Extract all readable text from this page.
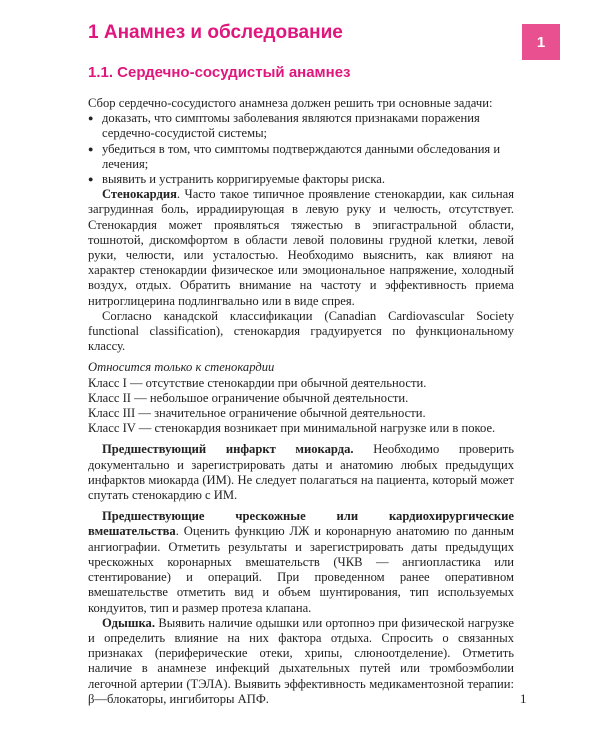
1 Анамнез и обследование	1
1.1. Сердечно-сосудистый анамнез

Сбор сердечно-сосудистого анамнеза должен решить три основные задачи:

● доказать, что симптомы заболевания являются признаками поражения сердечно-сосудистой системы;
● убедиться в том, что симптомы подтверждаются данными обследования и лечения;
● выявить и устранить корригируемые факторы риска.

Стенокардия. Часто такое типичное проявление стенокардии, как сильная загрудинная боль, иррадиирующая в левую руку и челюсть, отсутствует. Стенокардия может проявляться тяжестью в эпигастральной области, тошнотой, дискомфортом в области левой половины грудной клетки, левой руки, челюсти, или усталостью. Необходимо выяснить, как влияют на характер стенокардии физическое или эмоциональное напряжение, холодный воздух, отдых. Обратить внимание на частоту и эффективность приема нитроглицерина подлингвально или в виде спрея.

Согласно канадской классификации (Canadian Cardiovascular Society functional classification), стенокардия градуируется по функциональному классу.

Относится только к стенокардии

Класс I — отсутствие стенокардии при обычной деятельности.

Класс II — небольшое ограничение обычной деятельности.

Класс III — значительное ограничение обычной деятельности.

Класс IV — стенокардия возникает при минимальной нагрузке или в покое.

Предшествующий инфаркт миокарда. Необходимо проверить документально и зарегистрировать даты и анатомию любых предыдущих инфарктов миокарда (ИМ). Не следует полагаться на пациента, который может спутать стенокардию с ИМ.

Предшествующие чрескожные или кардиохирургические вмешательства. Оценить функцию ЛЖ и коронарную анатомию по данным ангиографии. Отметить результаты и зарегистрировать даты предыдущих чрескожных коронарных вмешательств (ЧКВ — ангиопластика или стентирование) и операций. При проведенном ранее оперативном вмешательстве отметить вид и объем шунтирования, тип используемых кондуитов, тип и размер протеза клапана.

Одышка. Выявить наличие одышки или ортопноэ при физической нагрузке и определить влияние на них фактора отдыха. Спросить о связанных признаках (периферические отеки, хрипы, слюноотделение). Отметить наличие в анамнезе инфекций дыхательных путей или тромбоэмболии легочной артерии (ТЭЛА). Выявить эффективность медикаментозной терапии: β—блокаторы, ингибиторы АПФ.	1
